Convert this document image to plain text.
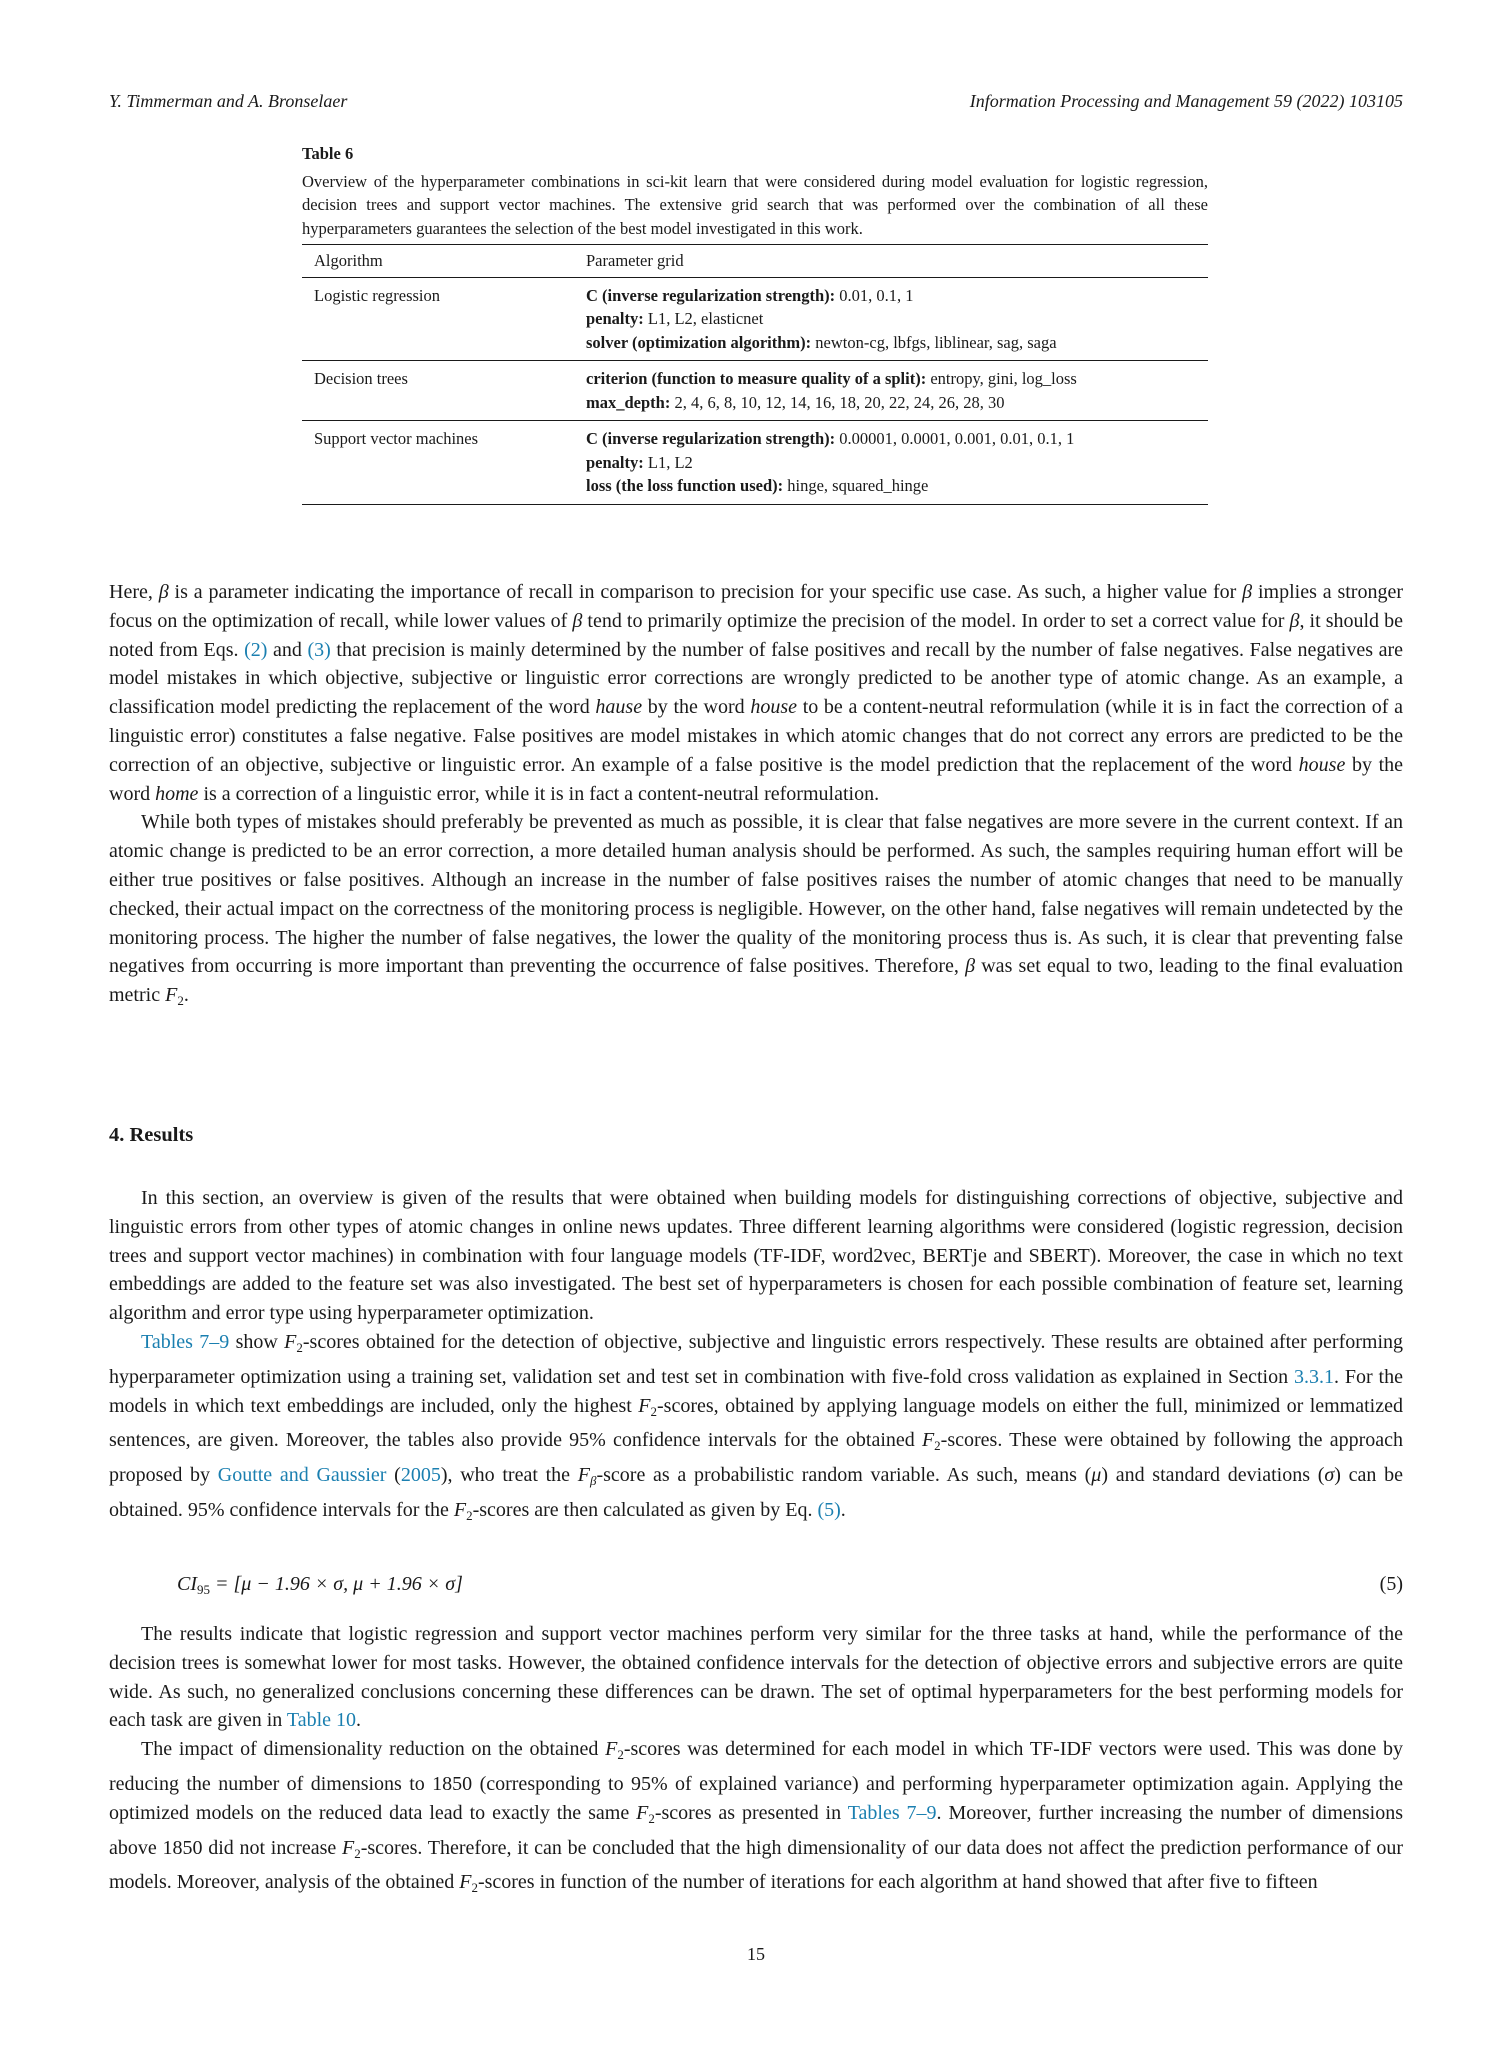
Y. Timmerman and A. Bronselaer	Information Processing and Management 59 (2022) 103105

Table 6

Overview of the hyperparameter combinations in sci-kit learn that were considered during model evaluation for logistic regression, decision trees and support vector machines. The extensive grid search that was performed over the combination of all these hyperparameters guarantees the selection of the best model investigated in this work.

Algorithm	Parameter grid
Logistic regression	C (inverse regularization strength): 0.01, 0.1, 1

penalty: L1, L2, elasticnet

solver (optimization algorithm): newton-cg, lbfgs, liblinear, sag, saga

Decision trees	criterion (function to measure quality of a split): entropy, gini, log_loss

max_depth: 2, 4, 6, 8, 10, 12, 14, 16, 18, 20, 22, 24, 26, 28, 30

Support vector machines	C (inverse regularization strength): 0.00001, 0.0001, 0.001, 0.01, 0.1, 1

penalty: L1, L2

loss (the loss function used): hinge, squared_hinge

Here, β is a parameter indicating the importance of recall in comparison to precision for your specific use case. As such, a higher value for β implies a stronger focus on the optimization of recall, while lower values of β tend to primarily optimize the precision of the model. In order to set a correct value for β, it should be noted from Eqs. (2) and (3) that precision is mainly determined by the number of false positives and recall by the number of false negatives. False negatives are model mistakes in which objective, subjective or linguistic error corrections are wrongly predicted to be another type of atomic change. As an example, a classification model predicting the replacement of the word hause by the word house to be a content-neutral reformulation (while it is in fact the correction of a linguistic error) constitutes a false negative. False positives are model mistakes in which atomic changes that do not correct any errors are predicted to be the correction of an objective, subjective or linguistic error. An example of a false positive is the model prediction that the replacement of the word house by the word home is a correction of a linguistic error, while it is in fact a content-neutral reformulation.

While both types of mistakes should preferably be prevented as much as possible, it is clear that false negatives are more severe in the current context. If an atomic change is predicted to be an error correction, a more detailed human analysis should be performed. As such, the samples requiring human effort will be either true positives or false positives. Although an increase in the number of false positives raises the number of atomic changes that need to be manually checked, their actual impact on the correctness of the monitoring process is negligible. However, on the other hand, false negatives will remain undetected by the monitoring process. The higher the number of false negatives, the lower the quality of the monitoring process thus is. As such, it is clear that preventing false negatives from occurring is more important than preventing the occurrence of false positives. Therefore, β was set equal to two, leading to the final evaluation metric $F_2$.

4. Results

In this section, an overview is given of the results that were obtained when building models for distinguishing corrections of objective, subjective and linguistic errors from other types of atomic changes in online news updates. Three different learning algorithms were considered (logistic regression, decision trees and support vector machines) in combination with four language models (TF-IDF, word2vec, BERTje and SBERT). Moreover, the case in which no text embeddings are added to the feature set was also investigated. The best set of hyperparameters is chosen for each possible combination of feature set, learning algorithm and error type using hyperparameter optimization.

Tables 7–9 show $F_2$-scores obtained for the detection of objective, subjective and linguistic errors respectively. These results are obtained after performing hyperparameter optimization using a training set, validation set and test set in combination with five-fold cross validation as explained in Section 3.3.1. For the models in which text embeddings are included, only the highest $F_2$-scores, obtained by applying language models on either the full, minimized or lemmatized sentences, are given. Moreover, the tables also provide 95% confidence intervals for the obtained $F_2$-scores. These were obtained by following the approach proposed by Goutte and Gaussier (2005), who treat the $F_\beta$-score as a probabilistic random variable. As such, means (μ) and standard deviations (σ) can be obtained. 95% confidence intervals for the $F_2$-scores are then calculated as given by Eq. (5).

$CI_{95} = [\mu - 1.96 \times \sigma$, μ + 1.96 × σ]	(5)

The results indicate that logistic regression and support vector machines perform very similar for the three tasks at hand, while the performance of the decision trees is somewhat lower for most tasks. However, the obtained confidence intervals for the detection of objective errors and subjective errors are quite wide. As such, no generalized conclusions concerning these differences can be drawn. The set of optimal hyperparameters for the best performing models for each task are given in Table 10.

The impact of dimensionality reduction on the obtained $F_2$-scores was determined for each model in which TF-IDF vectors were used. This was done by reducing the number of dimensions to 1850 (corresponding to 95% of explained variance) and performing hyperparameter optimization again. Applying the optimized models on the reduced data lead to exactly the same $F_2$-scores as presented in Tables 7–9. Moreover, further increasing the number of dimensions above 1850 did not increase $F_2$-scores. Therefore, it can be concluded that the high dimensionality of our data does not affect the prediction performance of our models. Moreover, analysis of the obtained $F_2$-scores in function of the number of iterations for each algorithm at hand showed that after five to fifteen

15
